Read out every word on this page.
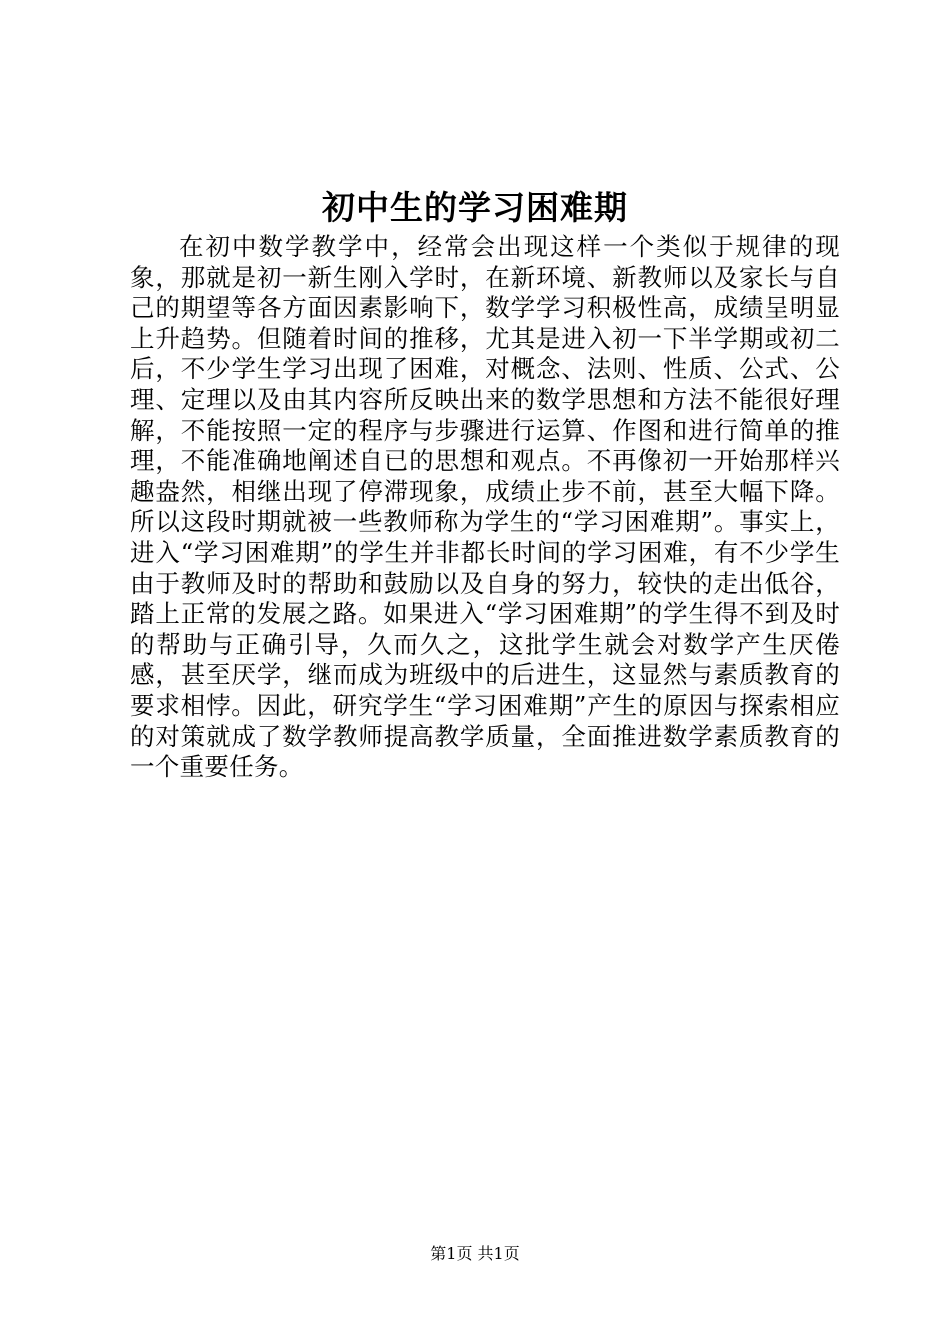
初中生的学习困难期

在初中数学教学中，经常会出现这样一个类似于规律的现象，那就是初一新生刚入学时，在新环境、新教师以及家长与自己的期望等各方面因素影响下，数学学习积极性高，成绩呈明显上升趋势。但随着时间的推移，尤其是进入初一下半学期或初二后，不少学生学习出现了困难，对概念、法则、性质、公式、公理、定理以及由其内容所反映出来的数学思想和方法不能很好理解，不能按照一定的程序与步骤进行运算、作图和进行简单的推理，不能准确地阐述自已的思想和观点。不再像初一开始那样兴趣盎然，相继出现了停滞现象，成绩止步不前，甚至大幅下降。所以这段时期就被一些教师称为学生的“学习困难期”。事实上，进入“学习困难期”的学生并非都长时间的学习困难，有不少学生由于教师及时的帮助和鼓励以及自身的努力，较快的走出低谷，踏上正常的发展之路。如果进入“学习困难期”的学生得不到及时的帮助与正确引导，久而久之，这批学生就会对数学产生厌倦感，甚至厌学，继而成为班级中的后进生，这显然与素质教育的要求相悖。因此，研究学生“学习困难期”产生的原因与探索相应的对策就成了数学教师提高教学质量，全面推进数学素质教育的一个重要任务。

第1页 共1页
